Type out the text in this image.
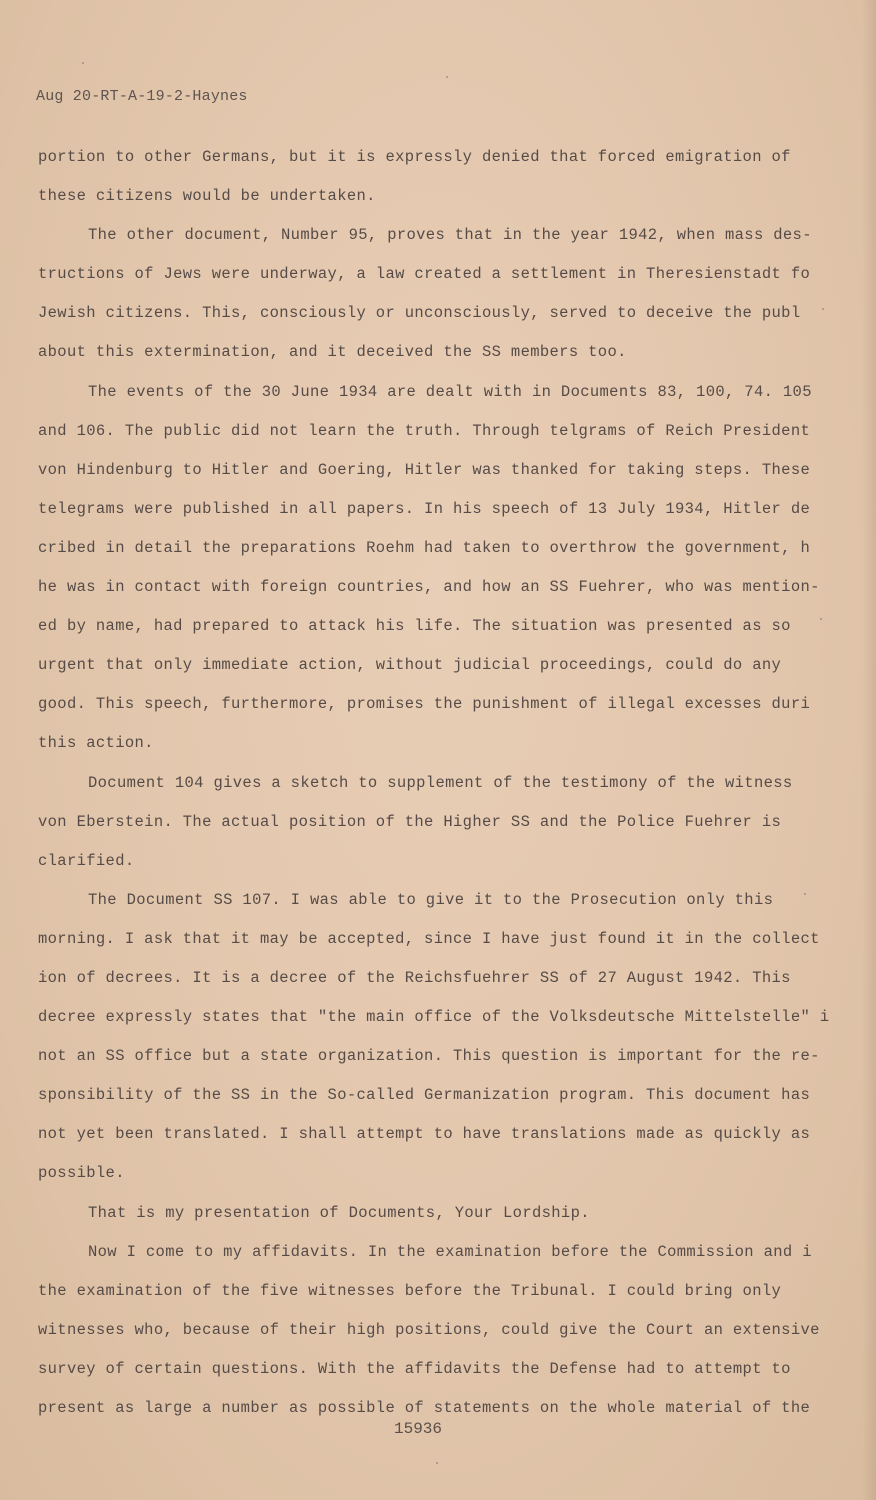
Aug 20-RT-A-19-2-Haynes
portion to other Germans, but it is expressly denied that forced emigration of
these citizens would be undertaken.
The other document, Number 95, proves that in the year 1942, when mass des-
tructions of Jews were underway, a law created a settlement in Theresienstadt fo
Jewish citizens. This, consciously or unconsciously, served to deceive the publ
about this extermination, and it deceived the SS members too.
The events of the 30 June 1934 are dealt with in Documents 83, 100, 74. 105
and 106. The public did not learn the truth. Through telgrams of Reich President
von Hindenburg to Hitler and Goering, Hitler was thanked for taking steps. These
telegrams were published in all papers. In his speech of 13 July 1934, Hitler de
cribed in detail the preparations Roehm had taken to overthrow the government, h
he was in contact with foreign countries, and how an SS Fuehrer, who was mention-
ed by name, had prepared to attack his life. The situation was presented as so
urgent that only immediate action, without judicial proceedings, could do any
good. This speech, furthermore, promises the punishment of illegal excesses duri
this action.
Document 104 gives a sketch to supplement of the testimony of the witness
von Eberstein. The actual position of the Higher SS and the Police Fuehrer is
clarified.
The Document SS 107. I was able to give it to the Prosecution only this
morning. I ask that it may be accepted, since I have just found it in the collect
ion of decrees. It is a decree of the Reichsfuehrer SS of 27 August 1942. This
decree expressly states that "the main office of the Volksdeutsche Mittelstelle" i
not an SS office but a state organization. This question is important for the re-
sponsibility of the SS in the So-called Germanization program. This document has
not yet been translated. I shall attempt to have translations made as quickly as
possible.
That is my presentation of Documents, Your Lordship.
Now I come to my affidavits. In the examination before the Commission and i
the examination of the five witnesses before the Tribunal. I could bring only
witnesses who, because of their high positions, could give the Court an extensive
survey of certain questions. With the affidavits the Defense had to attempt to
present as large a number as possible of statements on the whole material of the
15936
